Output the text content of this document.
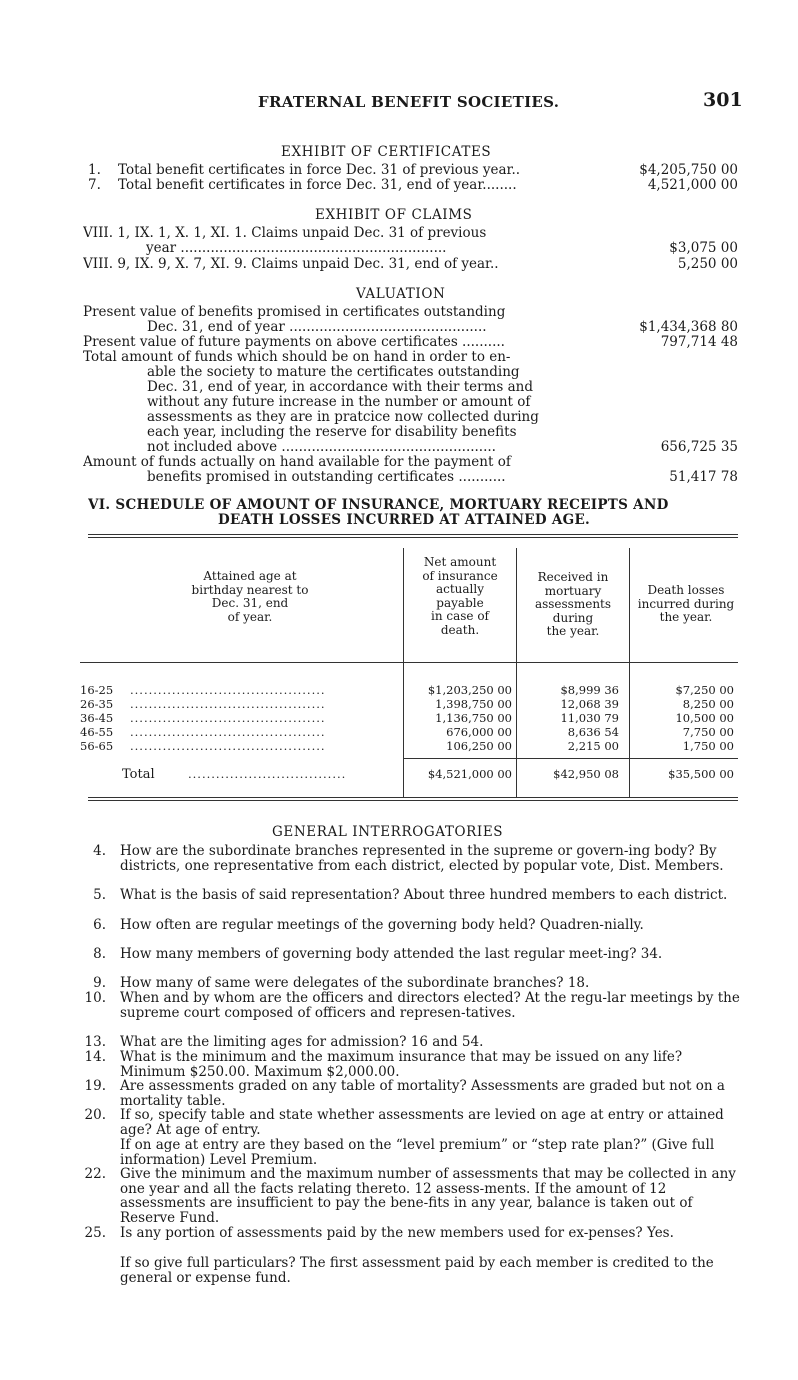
FRATERNAL BENEFIT SOCIETIES.	301
EXHIBIT OF CERTIFICATES
1.	Total benefit certificates in force Dec. 31 of previous year..	$4,205,750 00
7.	Total benefit certificates in force Dec. 31, end of year........	4,521,000 00
EXHIBIT OF CLAIMS
VIII. 1, IX. 1, X. 1, XI. 1. Claims unpaid Dec. 31 of previous
year ..............................................................	$3,075 00
VIII. 9, IX. 9, X. 7, XI. 9. Claims unpaid Dec. 31, end of year..	5,250 00
VALUATION
Present value of benefits promised in certificates outstanding
Dec. 31, end of year ..............................................	$1,434,368 80
Present value of future payments on above certificates ..........	797,714 48
Total amount of funds which should be on hand in order to en-
able the society to mature the certificates outstanding
Dec. 31, end of year, in accordance with their terms and
without any future increase in the number or amount of
assessments as they are in pratcice now collected during
each year, including the reserve for disability benefits
not included above ..................................................	656,725 35
Amount of funds actually on hand available for the payment of
benefits promised in outstanding certificates ...........	51,417 78
VI. SCHEDULE OF AMOUNT OF INSURANCE, MORTUARY RECEIPTS AND
DEATH LOSSES INCURRED AT ATTAINED AGE.
Attained age at
birthday nearest to
Dec. 31, end
of year.
Net amount
of insurance
actually
payable
in case of
death.
Received in
mortuary
assessments
during
the year.
Death losses
incurred during
the year.
16-25 ..........................................	$1,203,250 00	$8,999 36	$7,250 00
26-35 ..........................................	1,398,750 00	12,068 39	8,250 00
36-45 ..........................................	1,136,750 00	11,030 79	10,500 00
46-55 ..........................................	676,000 00	8,636 54	7,750 00
56-65 ..........................................	106,250 00	2,215 00	1,750 00
Total	..................................	$4,521,000 00	$42,950 08	$35,500 00
GENERAL INTERROGATORIES
4. How are the subordinate branches represented in the supreme or govern-ing body? By districts, one representative from each district, elected by popular vote, Dist. Members.
5. What is the basis of said representation? About three hundred members to each district.
6. How often are regular meetings of the governing body held? Quadren-nially.
8. How many members of governing body attended the last regular meet-ing? 34.
9. How many of same were delegates of the subordinate branches? 18.
10. When and by whom are the officers and directors elected? At the regu-lar meetings by the supreme court composed of officers and represen-tatives.
13. What are the limiting ages for admission? 16 and 54.
14. What is the minimum and the maximum insurance that may be issued on any life? Minimum $250.00. Maximum $2,000.00.
19. Are assessments graded on any table of mortality? Assessments are graded but not on a mortality table.
20. If so, specify table and state whether assessments are levied on age at entry or attained age? At age of entry.
If on age at entry are they based on the “level premium” or “step rate plan?” (Give full information) Level Premium.
22. Give the minimum and the maximum number of assessments that may be collected in any one year and all the facts relating thereto. 12 assess-ments. If the amount of 12 assessments are insufficient to pay the bene-fits in any year, balance is taken out of Reserve Fund.
25. Is any portion of assessments paid by the new members used for ex-penses? Yes.
If so give full particulars? The first assessment paid by each member is credited to the general or expense fund.
